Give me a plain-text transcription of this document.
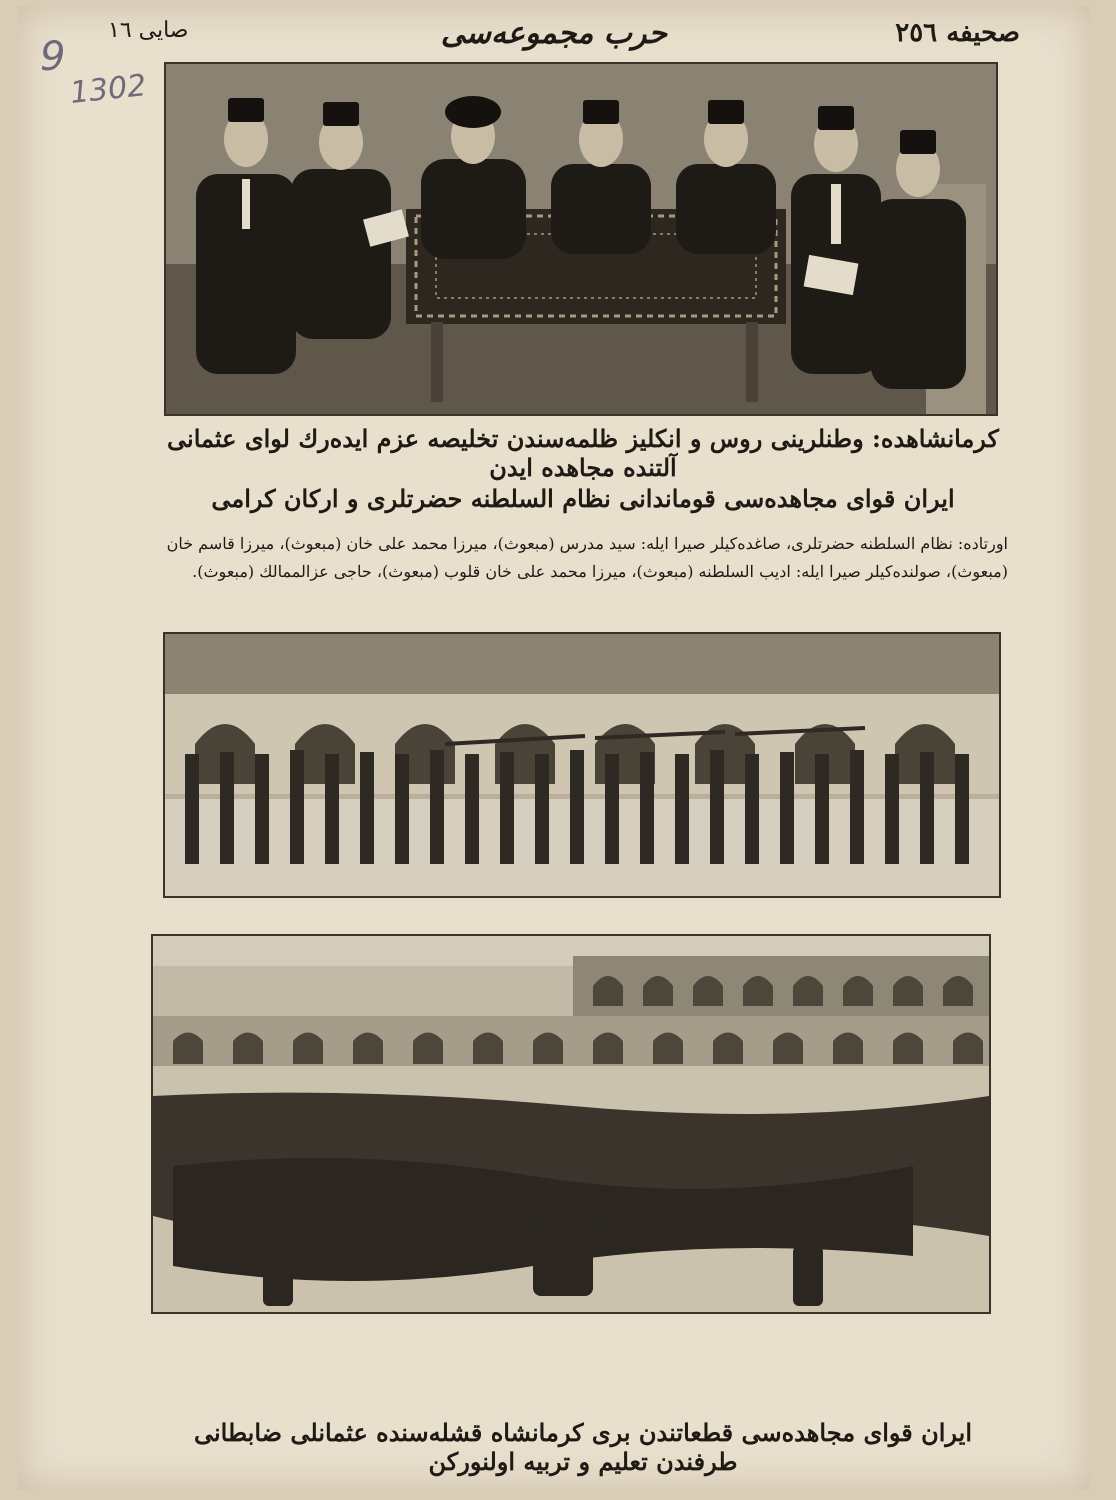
صحیفه ٢٥٦
حرب مجموعه‌سی
صایی ١٦
9
1302
کرمانشاهده: وطنلرینی روس و انکلیز ظلمه‌سندن تخلیصه عزم ایده‌رك لوای عثمانی آلتنده مجاهده ایدن
ایران قوای مجاهده‌سی قوماندانی نظام السلطنه حضرتلری و ارکان کرامی
اورتاده: نظام السلطنه حضرتلری، صاغده‌کیلر صیرا ایله: سید مدرس (مبعوث)، میرزا محمد علی خان (مبعوث)، میرزا قاسم خان
(مبعوث)، صولنده‌کیلر صیرا ایله: ادیب السلطنه (مبعوث)، میرزا محمد علی خان قلوب (مبعوث)، حاجی عزالممالك (مبعوث).
ایران قوای مجاهده‌سی قطعاتندن بری کرمانشاه قشله‌سنده عثمانلی ضابطانی طرفندن تعلیم و تربیه اولنورکن
